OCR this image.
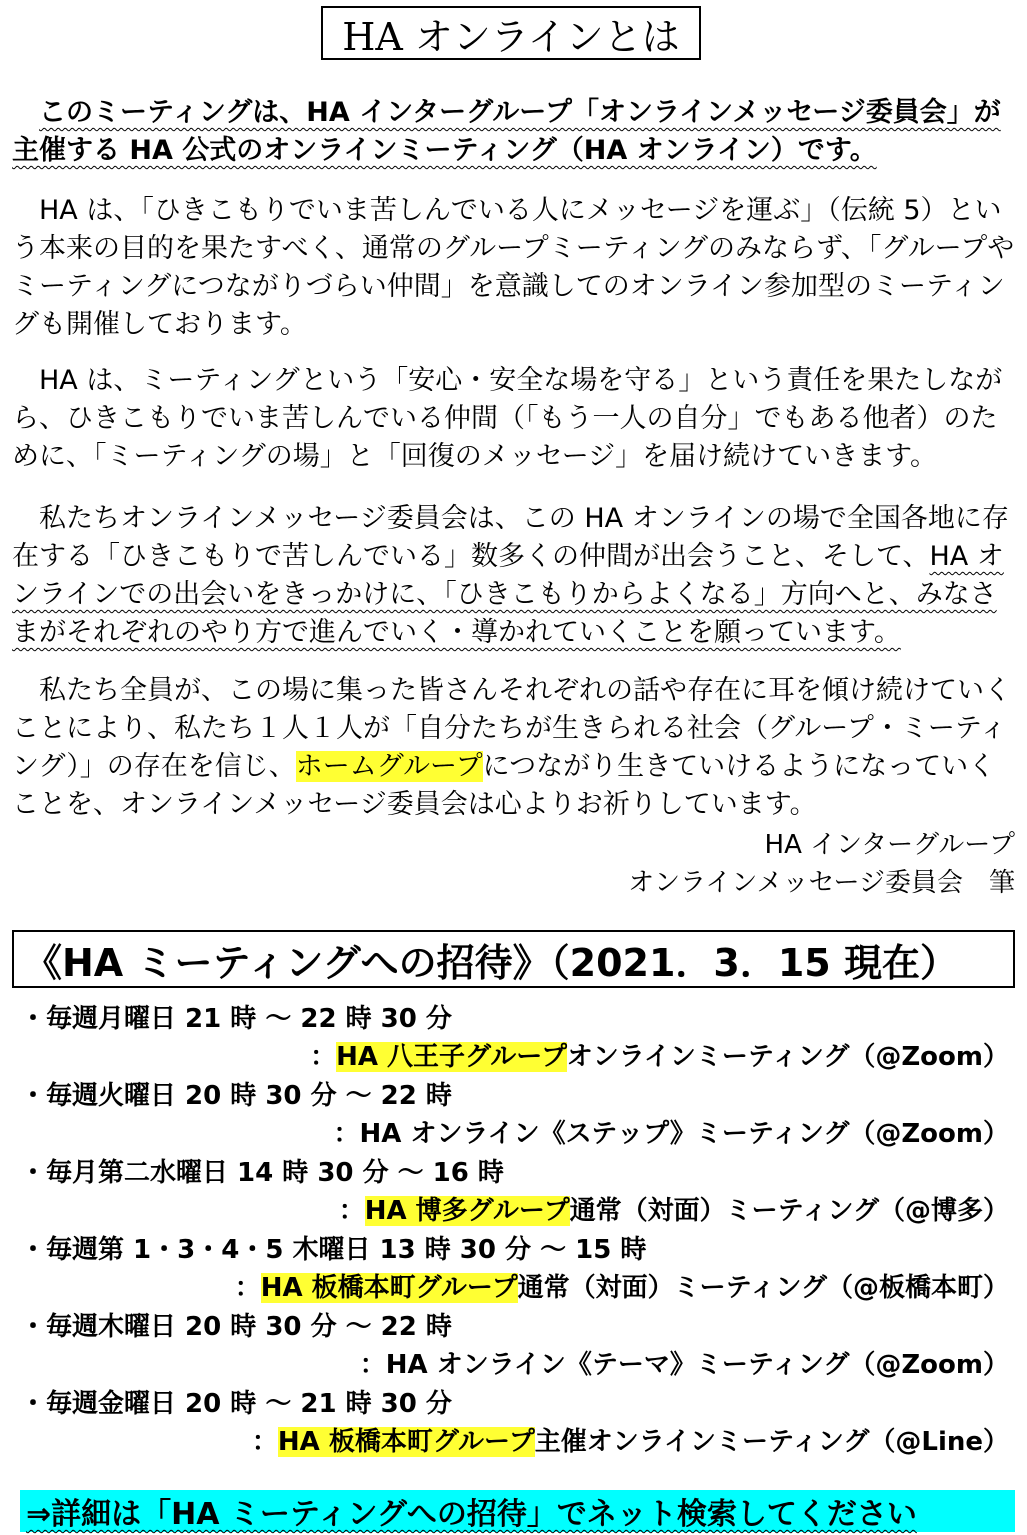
HA オンラインとは

このミーティングは、HA インターグループ「オンラインメッセージ委員会」が主催する HA 公式のオンラインミーティング（HA オンライン）です。

HA は、「ひきこもりでいま苦しんでいる人にメッセージを運ぶ」（伝統 5）という本来の目的を果たすべく、通常のグループミーティングのみならず、「グループやミーティングにつながりづらい仲間」を意識してのオンライン参加型のミーティングも開催しております。

HA は、ミーティングという「安心・安全な場を守る」という責任を果たしながら、ひきこもりでいま苦しんでいる仲間（「もう一人の自分」でもある他者）のために、「ミーティングの場」と「回復のメッセージ」を届け続けていきます。

私たちオンラインメッセージ委員会は、この HA オンラインの場で全国各地に存在する「ひきこもりで苦しんでいる」数多くの仲間が出会うこと、そして、HA オンラインでの出会いをきっかけに、「ひきこもりからよくなる」方向へと、みなさまがそれぞれのやり方で進んでいく・導かれていくことを願っています。

私たち全員が、この場に集った皆さんそれぞれの話や存在に耳を傾け続けていくことにより、私たち１人１人が「自分たちが生きられる社会（グループ・ミーティング）」の存在を信じ、ホームグループにつながり生きていけるようになっていくことを、オンラインメッセージ委員会は心よりお祈りしています。

HA インターグループ
オンラインメッセージ委員会　筆
《HA ミーティングへの招待》（2021．3．15 現在）
・毎週月曜日 21 時 ～ 22 時 30 分
：HA 八王子グループオンラインミーティング（@Zoom）
・毎週火曜日 20 時 30 分 ～ 22 時
：HA オンライン《ステップ》ミーティング（@Zoom）
・毎月第二水曜日 14 時 30 分 ～ 16 時
：HA 博多グループ通常（対面）ミーティング（@博多）
・毎週第 1・3・4・5 木曜日 13 時 30 分 ～ 15 時
：HA 板橋本町グループ通常（対面）ミーティング（@板橋本町）
・毎週木曜日 20 時 30 分 ～ 22 時
：HA オンライン《テーマ》ミーティング（@Zoom）
・毎週金曜日 20 時 ～ 21 時 30 分
：HA 板橋本町グループ主催オンラインミーティング（@Line）
⇒詳細は「HA ミーティングへの招待」でネット検索してください
